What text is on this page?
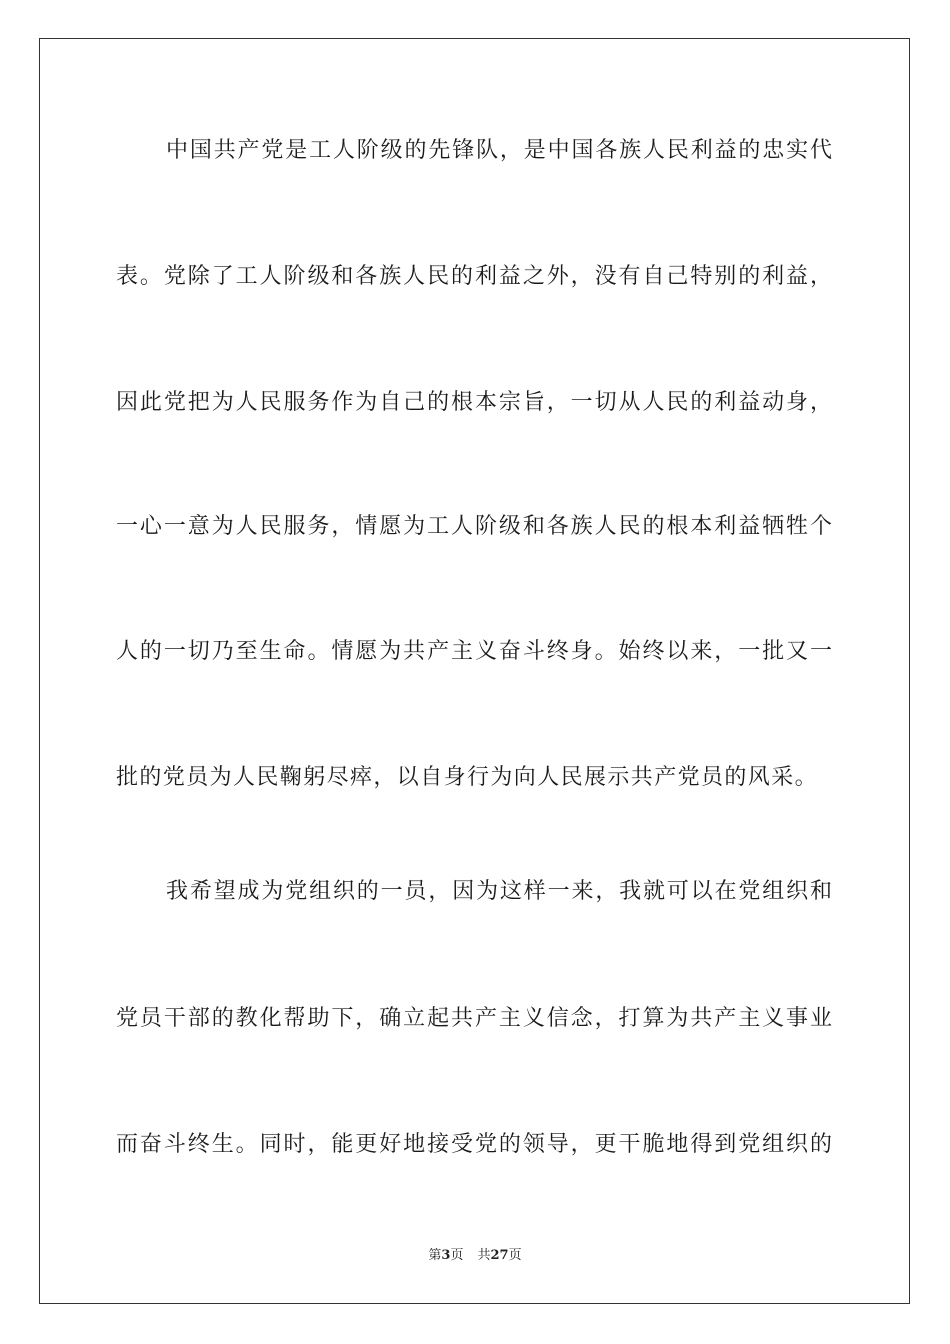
中国共产党是工人阶级的先锋队，是中国各族人民利益的忠实代
表。党除了工人阶级和各族人民的利益之外，没有自己特别的利益，
因此党把为人民服务作为自己的根本宗旨，一切从人民的利益动身，
一心一意为人民服务，情愿为工人阶级和各族人民的根本利益牺牲个
人的一切乃至生命。情愿为共产主义奋斗终身。始终以来，一批又一
批的党员为人民鞠躬尽瘁，以自身行为向人民展示共产党员的风采。
我希望成为党组织的一员，因为这样一来，我就可以在党组织和
党员干部的教化帮助下，确立起共产主义信念，打算为共产主义事业
而奋斗终生。同时，能更好地接受党的领导，更干脆地得到党组织的
第3页 共27页
